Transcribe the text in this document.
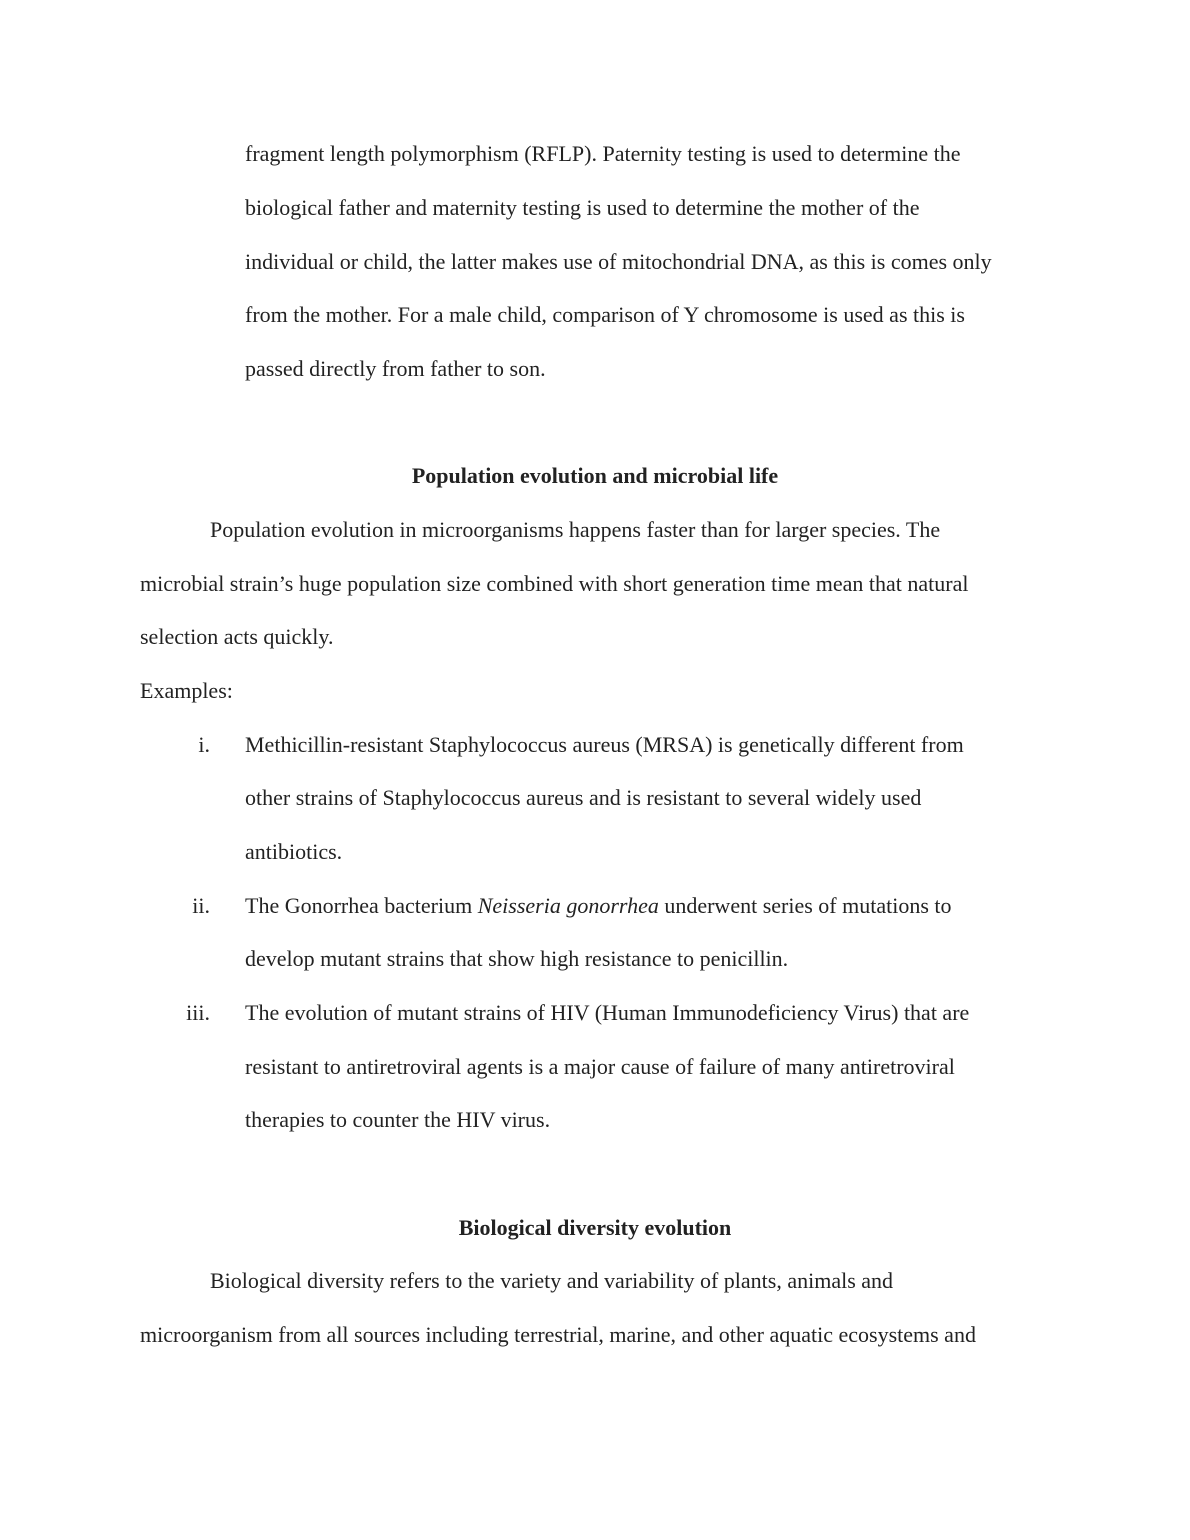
fragment length polymorphism (RFLP). Paternity testing is used to determine the
biological father and maternity testing is used to determine the mother of the
individual or child, the latter makes use of mitochondrial DNA, as this is comes only
from the mother. For a male child, comparison of Y chromosome is used as this is
passed directly from father to son.
Population evolution and microbial life
Population evolution in microorganisms happens faster than for larger species. The
microbial strain’s huge population size combined with short generation time mean that natural
selection acts quickly.
Examples:
i. Methicillin-resistant Staphylococcus aureus (MRSA) is genetically different from
other strains of Staphylococcus aureus and is resistant to several widely used
antibiotics.
ii. The Gonorrhea bacterium Neisseria gonorrhea underwent series of mutations to
develop mutant strains that show high resistance to penicillin.
iii. The evolution of mutant strains of HIV (Human Immunodeficiency Virus) that are
resistant to antiretroviral agents is a major cause of failure of many antiretroviral
therapies to counter the HIV virus.
Biological diversity evolution
Biological diversity refers to the variety and variability of plants, animals and
microorganism from all sources including terrestrial, marine, and other aquatic ecosystems and
